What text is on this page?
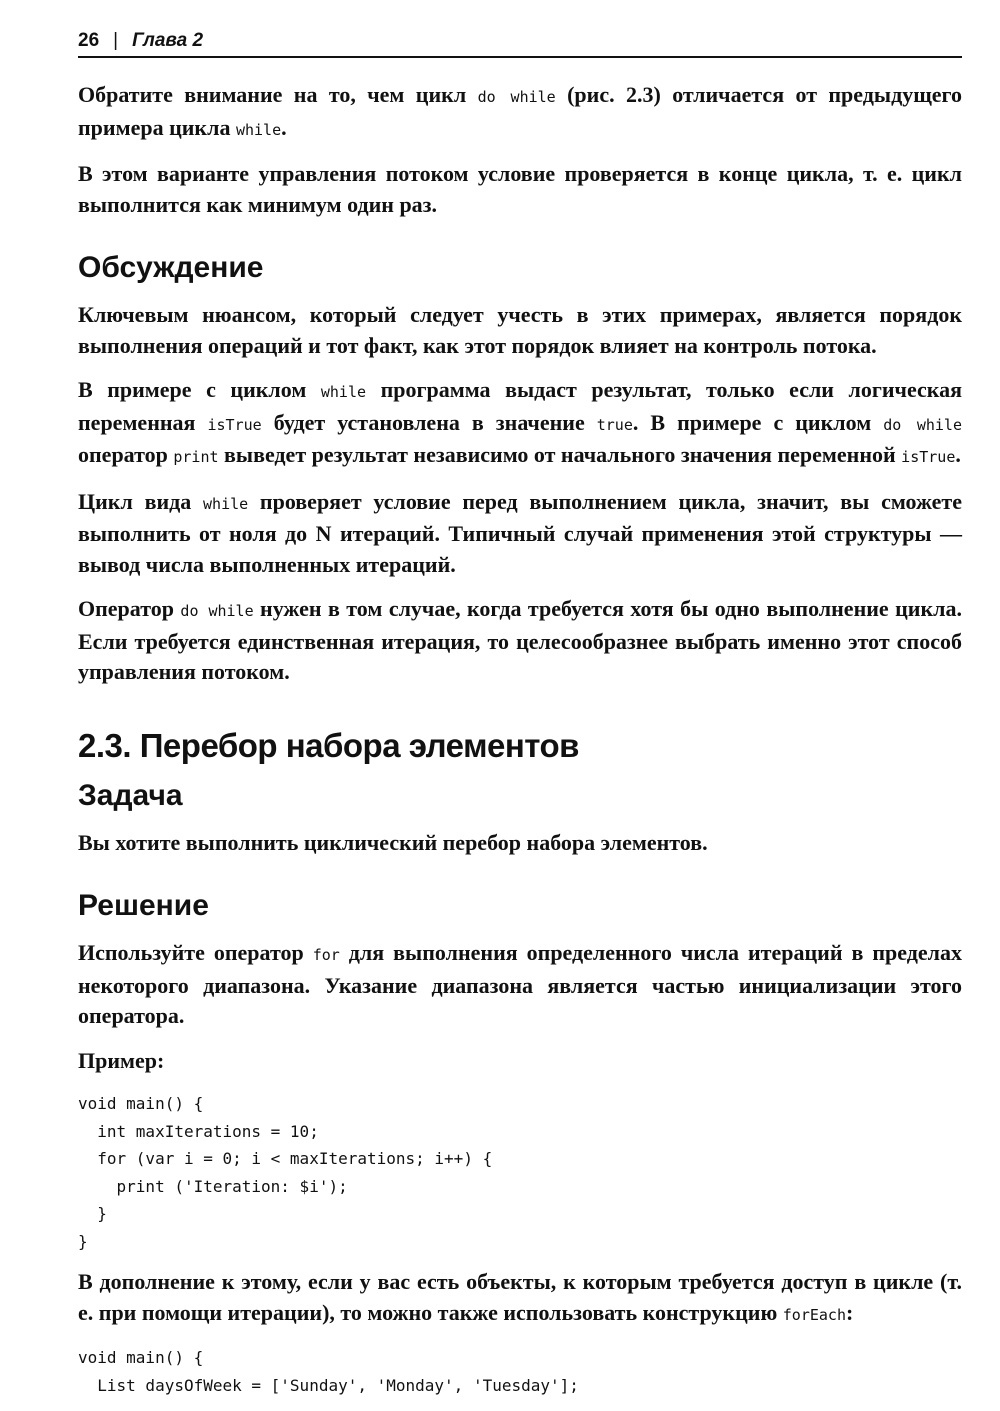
26 | Глава 2

Обратите внимание на то, чем цикл do while (рис. 2.3) отличается от предыдущего примера цикла while.

В этом варианте управления потоком условие проверяется в конце цикла, т. е. цикл выполнится как минимум один раз.

Обсуждение

Ключевым нюансом, который следует учесть в этих примерах, является порядок выполнения операций и тот факт, как этот порядок влияет на контроль потока.

В примере с циклом while программа выдаст результат, только если логическая переменная isTrue будет установлена в значение true. В примере с циклом do while оператор print выведет результат независимо от начального значения переменной isTrue.

Цикл вида while проверяет условие перед выполнением цикла, значит, вы сможете выполнить от ноля до N итераций. Типичный случай применения этой структуры — вывод числа выполненных итераций.

Оператор do while нужен в том случае, когда требуется хотя бы одно выполнение цикла. Если требуется единственная итерация, то целесообразнее выбрать именно этот способ управления потоком.

2.3. Перебор набора элементов
Задача

Вы хотите выполнить циклический перебор набора элементов.

Решение

Используйте оператор for для выполнения определенного числа итераций в пределах некоторого диапазона. Указание диапазона является частью инициализации этого оператора.

Пример:

void main() {
int maxIterations = 10;
for (var i = 0; i < maxIterations; i++) {
print ('Iteration: $i');
}
}

В дополнение к этому, если у вас есть объекты, к которым требуется доступ в цикле (т. е. при помощи итерации), то можно также использовать конструкцию forEach:

void main() {
List daysOfWeek = ['Sunday', 'Monday', 'Tuesday'];
